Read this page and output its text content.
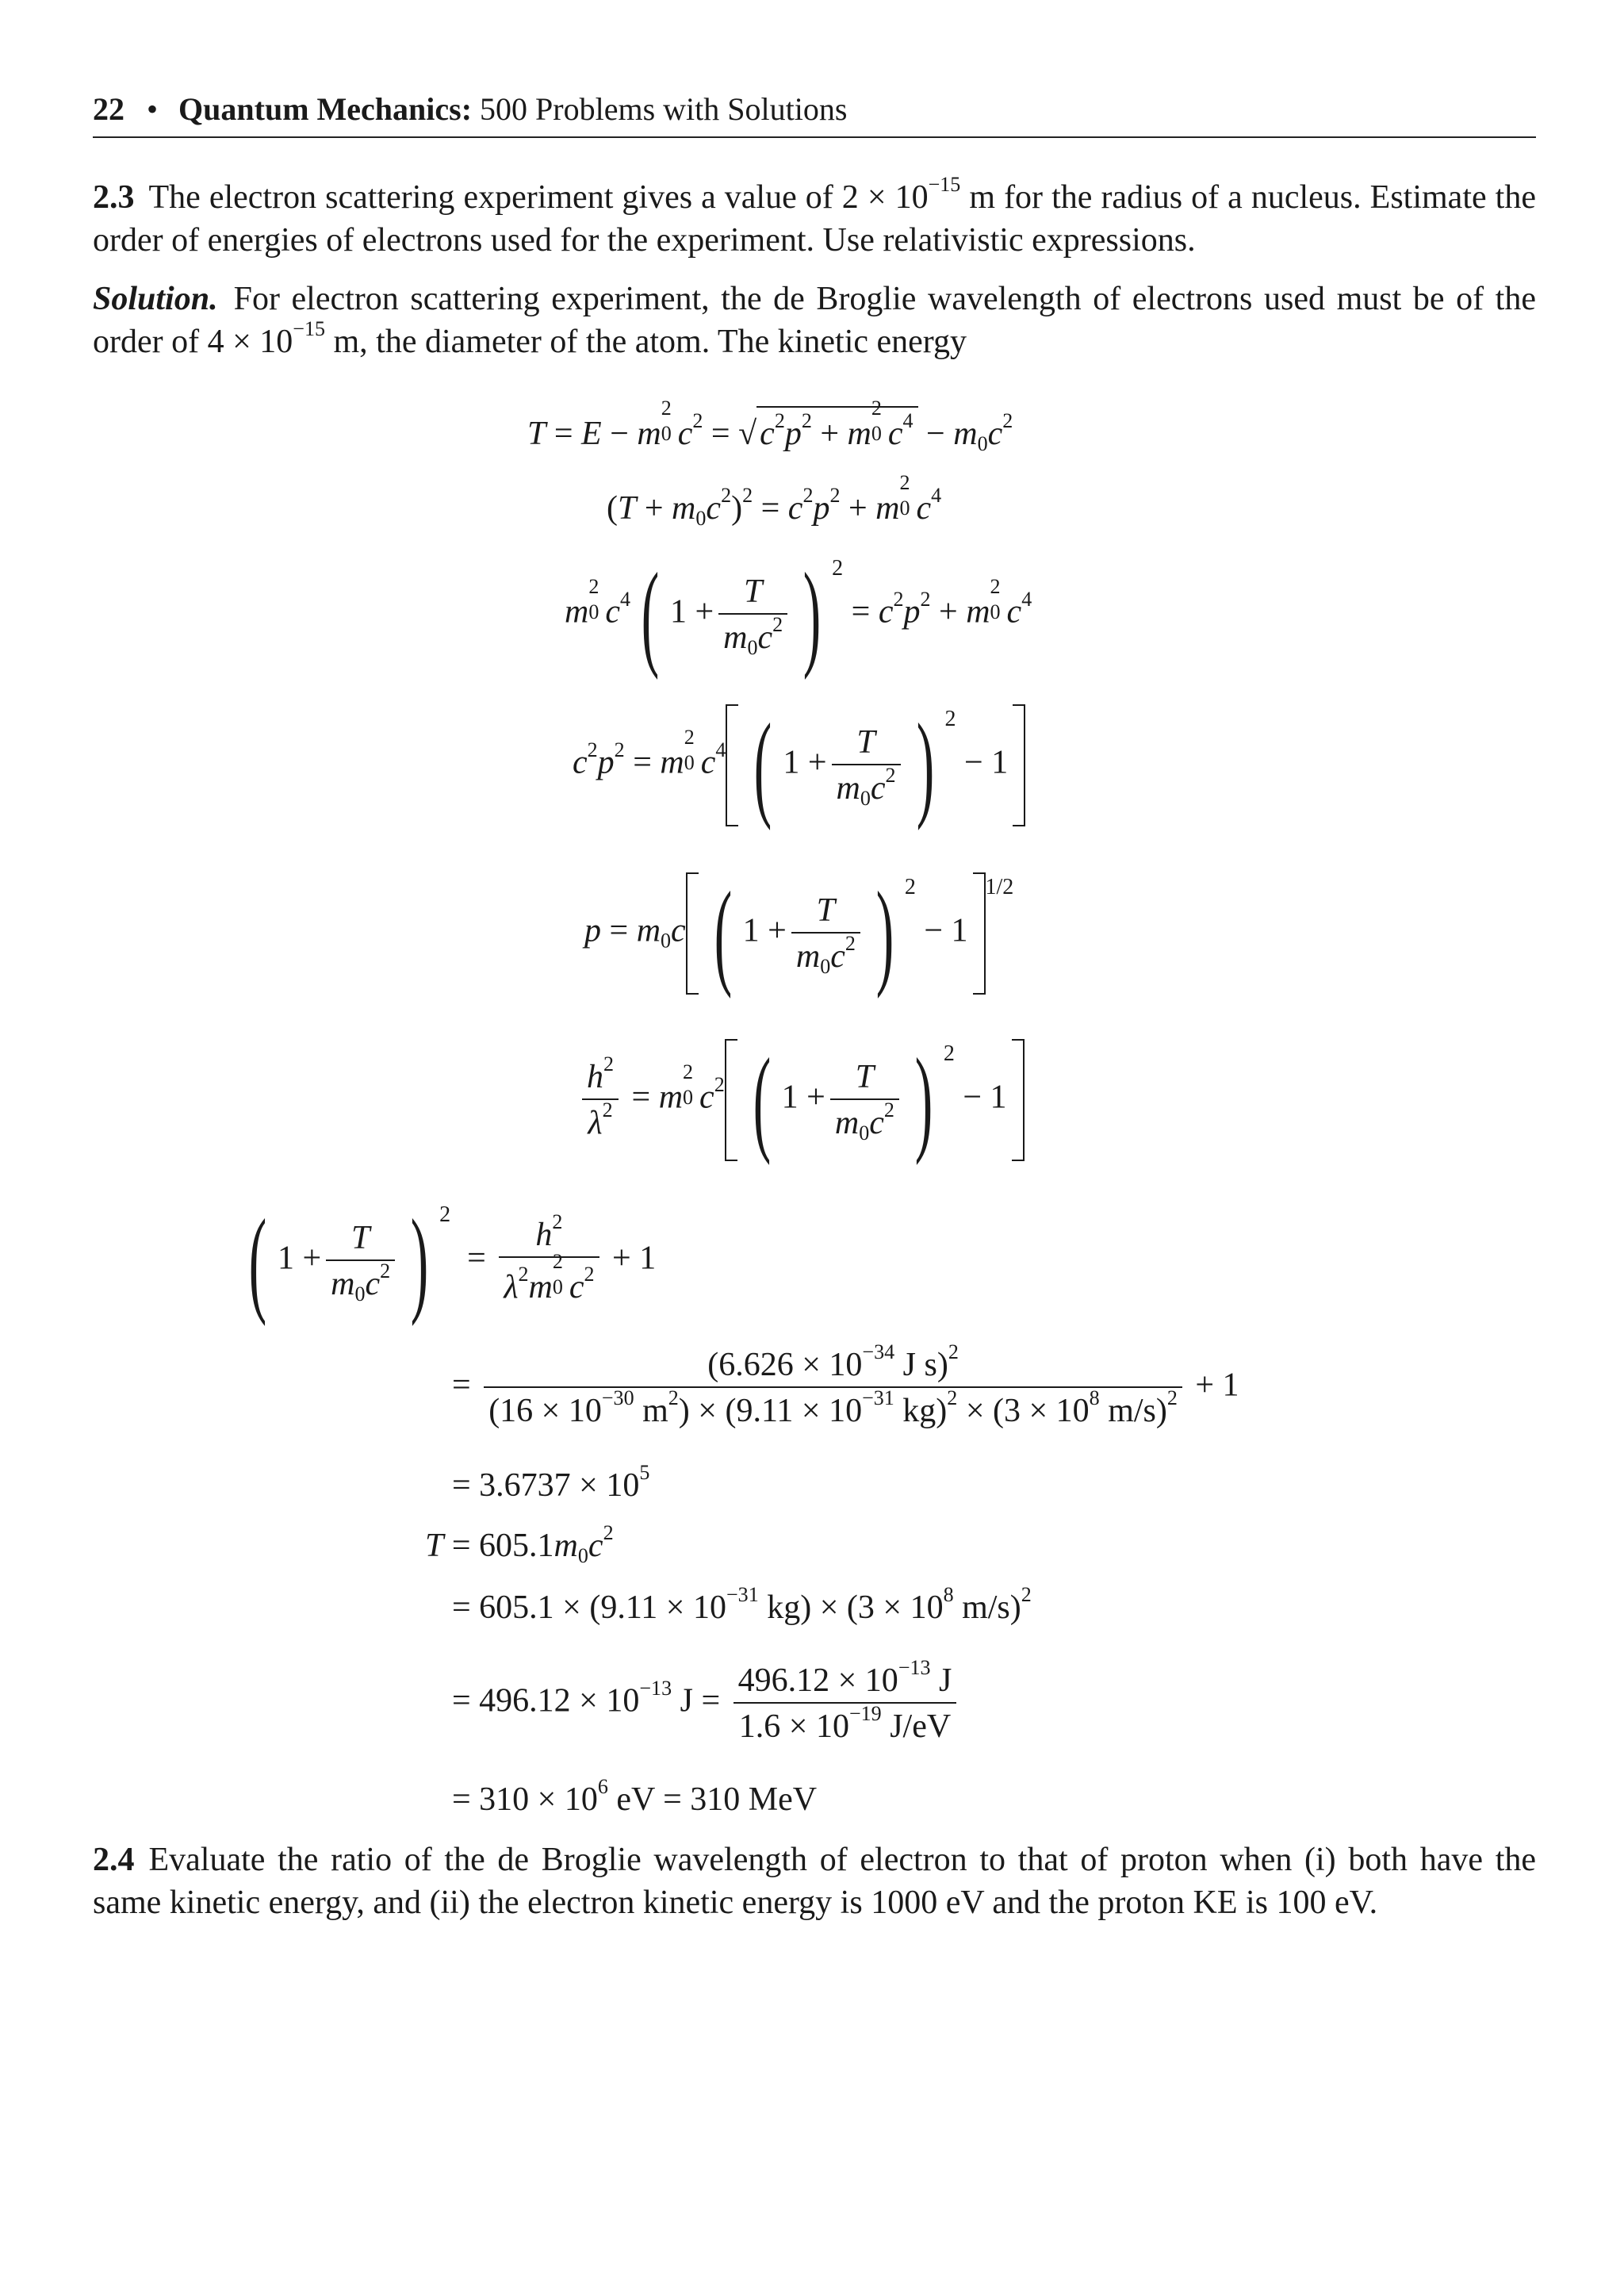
22 • Quantum Mechanics: 500 Problems with Solutions
2.3 The electron scattering experiment gives a value of $2 \times 10^{-15}$ m for the radius of a nucleus. Estimate the order of energies of electrons used for the experiment. Use relativistic expressions.
Solution. For electron scattering experiment, the de Broglie wavelength of electrons used must be of the order of $4 \times 10^{-15}$ m, the diameter of the atom. The kinetic energy
T = E − m
2
0 $c^2 = √c^2p^2 + m$
2
0 $c^4 - m_0c^2$
$(T + m_0c^2)^2 = c^2p^2 + m$
2
0 $c^4$
m
2
0 $c^4$( $1 + \frac{T}{m_0c^2}$ ) $^2 = c^2p^2 + m$
2
0 $c^4$
$c^2p^2 = m$
2
0 $c^4$ ( $1 + \frac{T}{m_0c^2}$ ) $^2$ − 1
$p = m_0c$ ( $1 + \frac{T}{m_0c^2}$ ) $^2 - 1^{1/2}$
$\frac{h^2}{\lambda^2} = m$
2
0 $c^2$ ( $1 + \frac{T}{m_0c^2}$ ) $^2$ − 1
( $1 + \frac{T}{m_0c^2}$ ) $^2 = h^2$
$\lambda^2m$
2
0 $c^2 + 1$
= $\frac{(6.626 \times 10^{-34} J s)^2}{(16 \times 10^{-30} m^2) \times (9.11 \times 10^{-31} kg)^2 \times (3 \times 10^8 m/s)^2} + 1$
= $3.6737 \times 10^5$
$T = 605.1m_0c^2$
= $605.1 \times (9.11 \times 10^{-31}$ $kg) \times (3 \times 10^8$ m/s)$^2$
= $496.12 \times 10^{-13}$ $J = \frac{496.12 \times 10^{-13} J}{1.6 \times 10^{-19} J/eV}$
= $310 \times 10^6$ eV = 310 MeV
2.4 Evaluate the ratio of the de Broglie wavelength of electron to that of proton when (i) both have the same kinetic energy, and (ii) the electron kinetic energy is 1000 eV and the proton KE is 100 eV.
